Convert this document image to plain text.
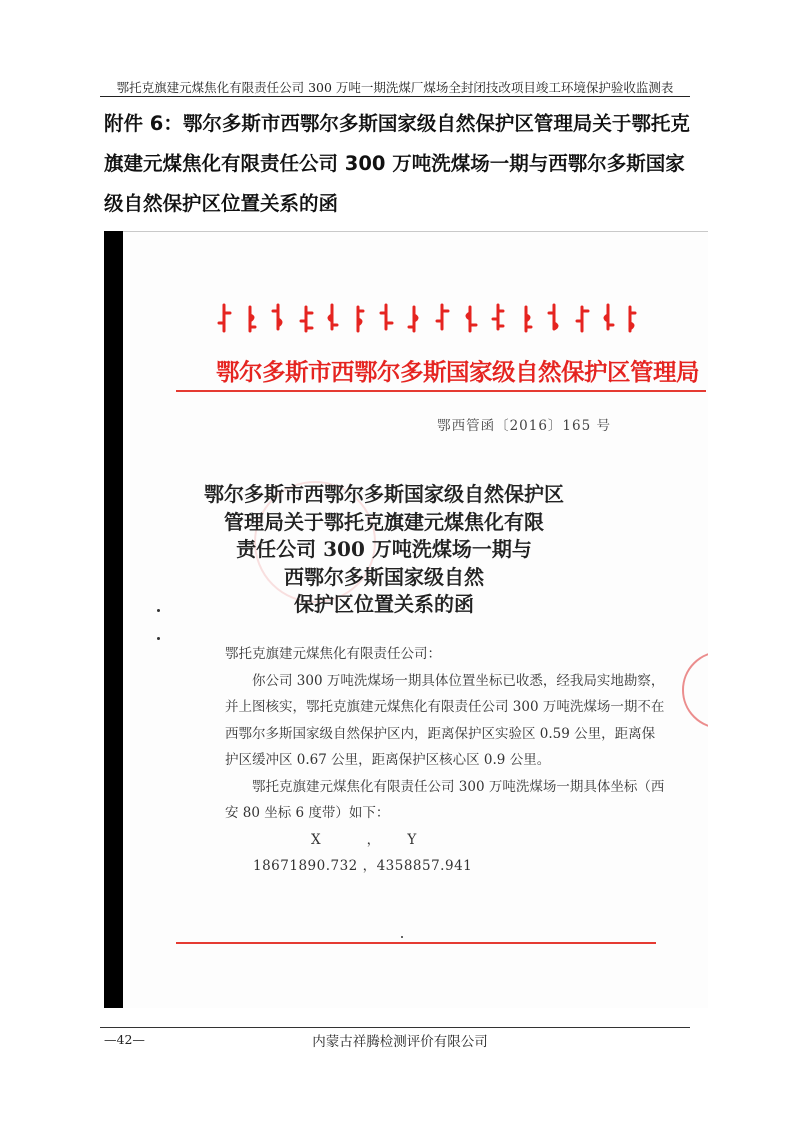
鄂托克旗建元煤焦化有限责任公司 300 万吨一期洗煤厂煤场全封闭技改项目竣工环境保护验收监测表
附件 6：鄂尔多斯市西鄂尔多斯国家级自然保护区管理局关于鄂托克旗建元煤焦化有限责任公司 300 万吨洗煤场一期与西鄂尔多斯国家级自然保护区位置关系的函
鄂尔多斯市西鄂尔多斯国家级自然保护区管理局
鄂西管函〔2016〕165 号
鄂尔多斯市西鄂尔多斯国家级自然保护区
管理局关于鄂托克旗建元煤焦化有限
责任公司 300 万吨洗煤场一期与
西鄂尔多斯国家级自然
保护区位置关系的函

鄂托克旗建元煤焦化有限责任公司：

你公司 300 万吨洗煤场一期具体位置坐标已收悉，经我局实地勘察，并上图核实，鄂托克旗建元煤焦化有限责任公司 300 万吨洗煤场一期不在西鄂尔多斯国家级自然保护区内，距离保护区实验区 0.59 公里，距离保护区缓冲区 0.67 公里，距离保护区核心区 0.9 公里。

鄂托克旗建元煤焦化有限责任公司 300 万吨洗煤场一期具体坐标（西安 80 坐标 6 度带）如下：

X       ，    Y

18671890.732 ，4358857.941

—42—	内蒙古祥腾检测评价有限公司
